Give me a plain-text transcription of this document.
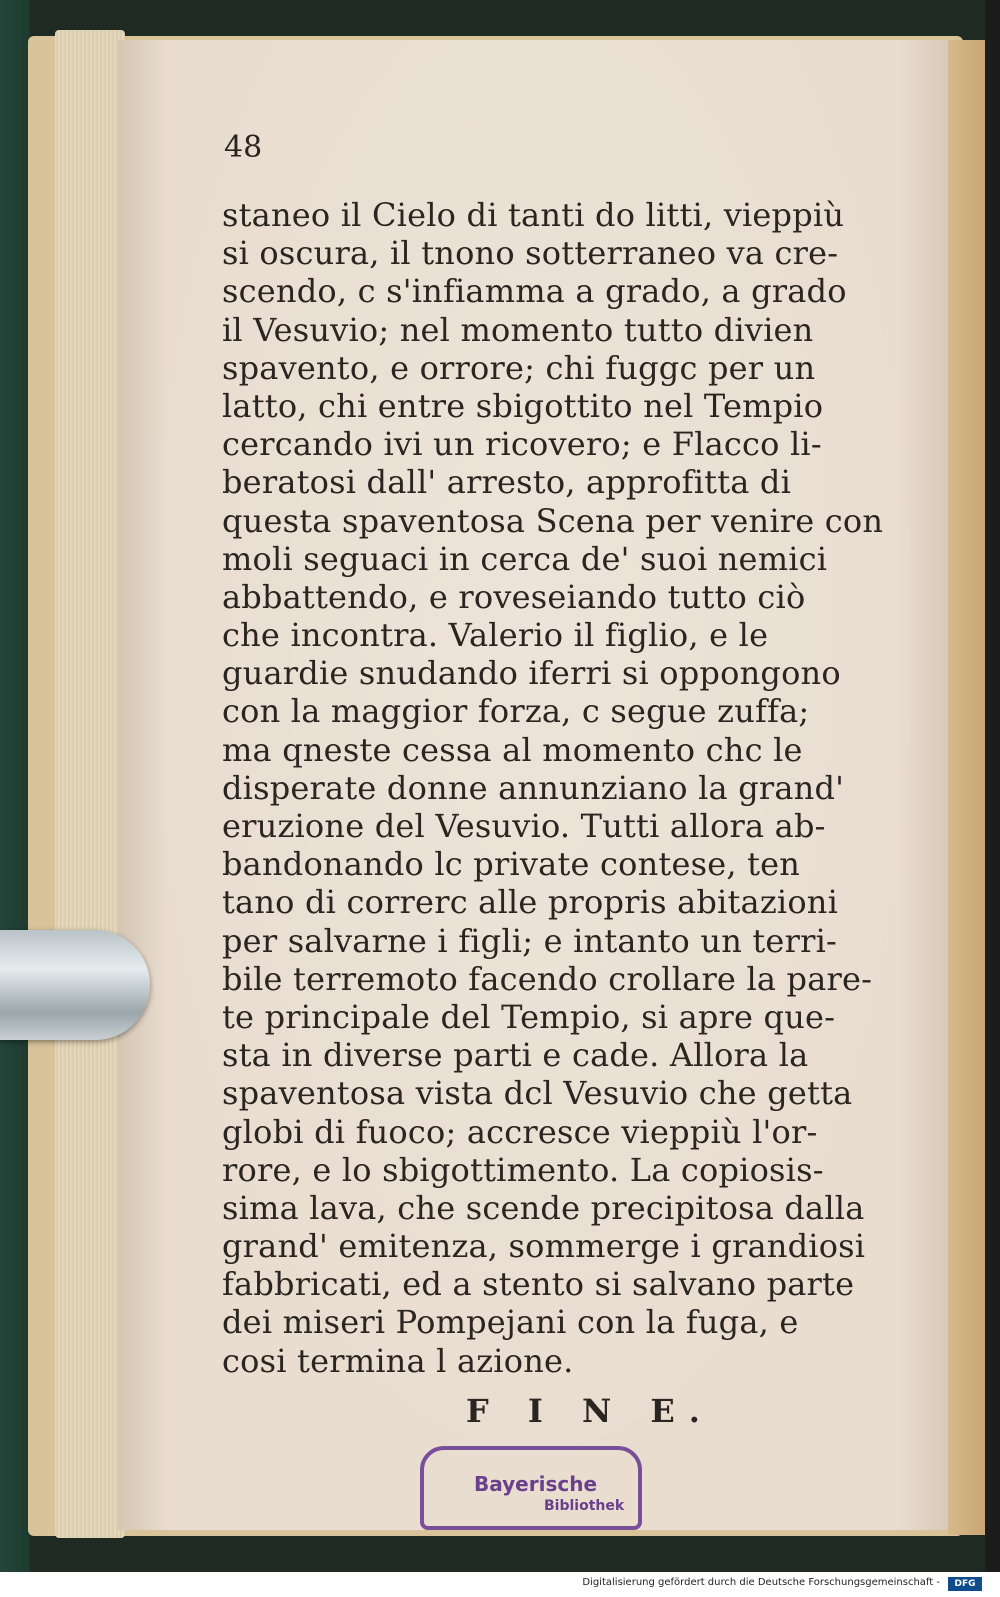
48
staneo il Cielo di tanti do litti, vieppiù
si oscura, il tnono sotterraneo va cre-
scendo, c s'infiamma a grado, a grado
il Vesuvio; nel momento tutto divien
spavento, e orrore; chi fuggc per un
latto, chi entre sbigottito nel Tempio
cercando ivi un ricovero; e Flacco li-
beratosi dall' arresto, approfitta di
questa spaventosa Scena per venire con
moli seguaci in cerca de' suoi nemici
abbattendo, e roveseiando tutto ciò
che incontra. Valerio il figlio, e le
guardie snudando iferri si oppongono
con la maggior forza, c segue zuffa;
ma qneste cessa al momento chc le
disperate donne annunziano la grand'
eruzione del Vesuvio. Tutti allora ab-
bandonando lc private contese, ten
tano di correrc alle propris abitazioni
per salvarne i figli; e intanto un terri-
bile terremoto facendo crollare la pare-
te principale del Tempio, si apre que-
sta in diverse parti e cade. Allora la
spaventosa vista dcl Vesuvio che getta
globi di fuoco; accresce vieppiù l'or-
rore, e lo sbigottimento. La copiosis-
sima lava, che scende precipitosa dalla
grand' emitenza, sommerge i grandiosi
fabbricati, ed a stento si salvano parte
dei miseri Pompejani con la fuga, e
cosi termina l azione.
F I N E.
Bayerische
Bibliothek
Digitalisierung gefördert durch die Deutsche Forschungsgemeinschaft -	DFG
